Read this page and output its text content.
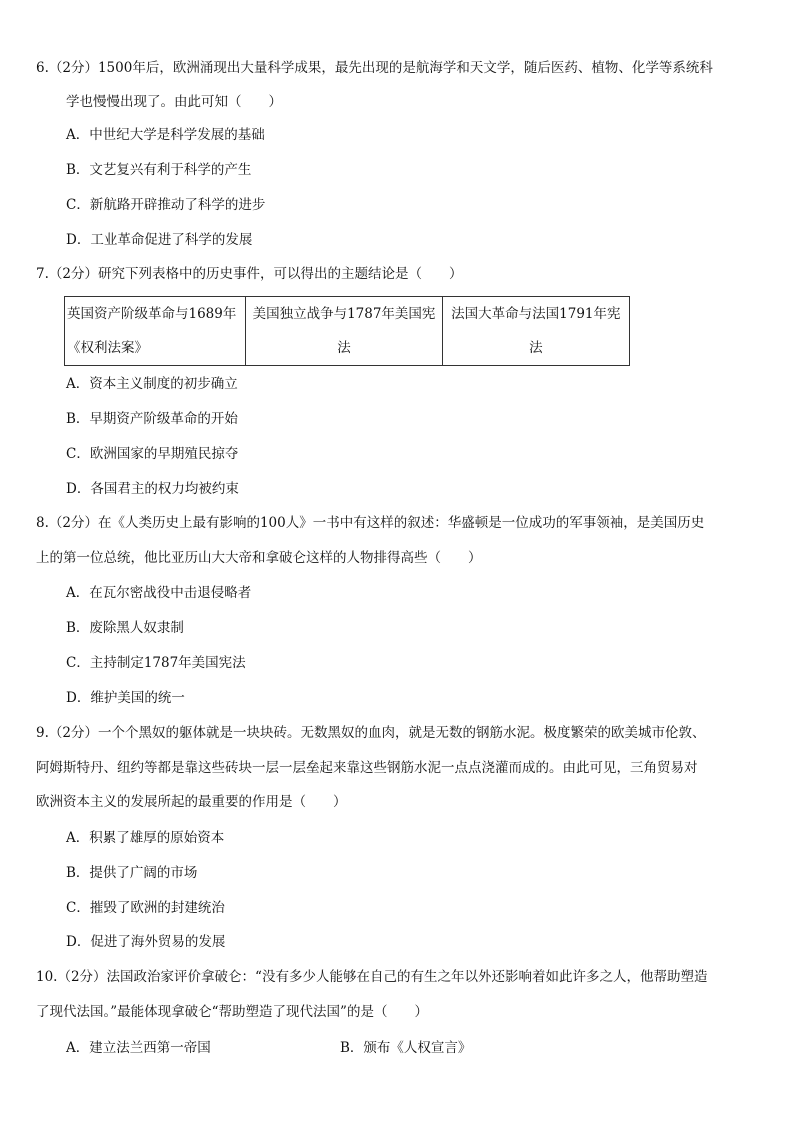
6.（2分）1500年后，欧洲涌现出大量科学成果，最先出现的是航海学和天文学，随后医药、植物、化学等系统科
学也慢慢出现了。由此可知（　　）
A．中世纪大学是科学发展的基础
B．文艺复兴有利于科学的产生
C．新航路开辟推动了科学的进步
D．工业革命促进了科学的发展
7.（2分）研究下列表格中的历史事件，可以得出的主题结论是（　　）
英国资产阶级革命与1689年《权利法案》	美国独立战争与1787年美国宪法	法国大革命与法国1791年宪法
A．资本主义制度的初步确立
B．早期资产阶级革命的开始
C．欧洲国家的早期殖民掠夺
D．各国君主的权力均被约束
8.（2分）在《人类历史上最有影响的100人》一书中有这样的叙述：华盛顿是一位成功的军事领袖，是美国历史
上的第一位总统，他比亚历山大大帝和拿破仑这样的人物排得高些（　　）
A．在瓦尔密战役中击退侵略者
B．废除黑人奴隶制
C．主持制定1787年美国宪法
D．维护美国的统一
9.（2分）一个个黑奴的躯体就是一块块砖。无数黑奴的血肉，就是无数的钢筋水泥。极度繁荣的欧美城市伦敦、
阿姆斯特丹、纽约等都是靠这些砖块一层一层垒起来靠这些钢筋水泥一点点浇灌而成的。由此可见，三角贸易对
欧洲资本主义的发展所起的最重要的作用是（　　）
A．积累了雄厚的原始资本
B．提供了广阔的市场
C．摧毁了欧洲的封建统治
D．促进了海外贸易的发展
10.（2分）法国政治家评价拿破仑：“没有多少人能够在自己的有生之年以外还影响着如此许多之人，他帮助塑造
了现代法国。”最能体现拿破仑“帮助塑造了现代法国”的是（　　）
A．建立法兰西第一帝国	B．颁布《人权宣言》
